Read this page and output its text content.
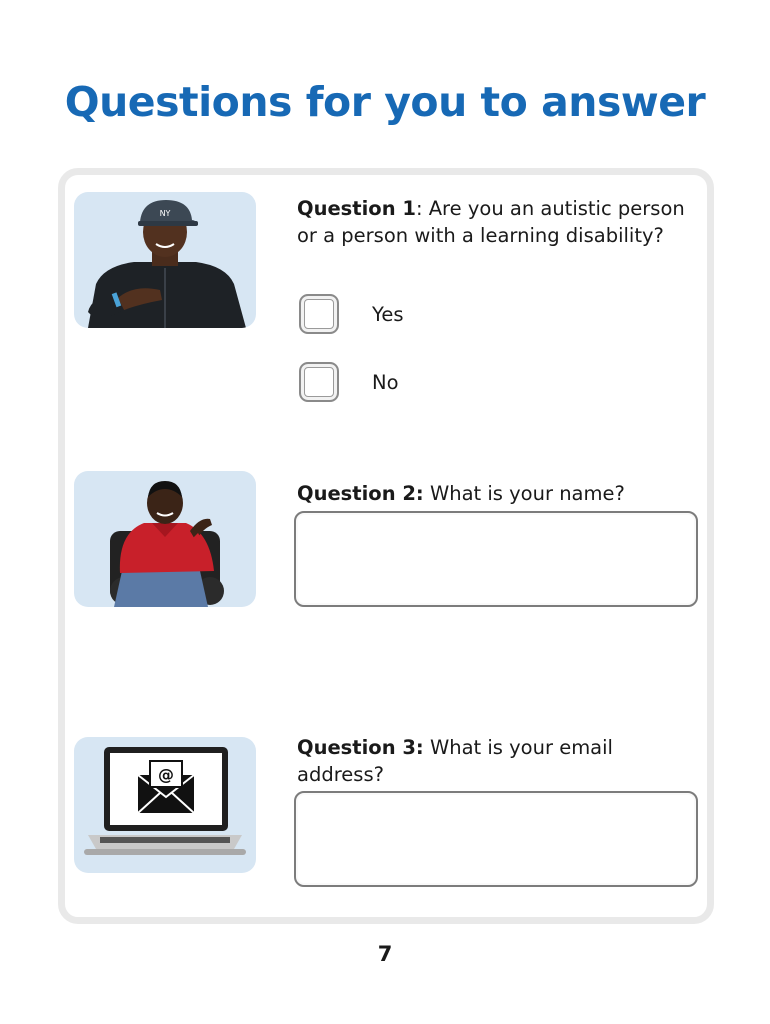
Questions for you to answer
NY	Question 1: Are you an autistic person or a person with a learning disability?

Yes
No

Question 2: What is your name?

@

Question 3: What is your email address?

7
